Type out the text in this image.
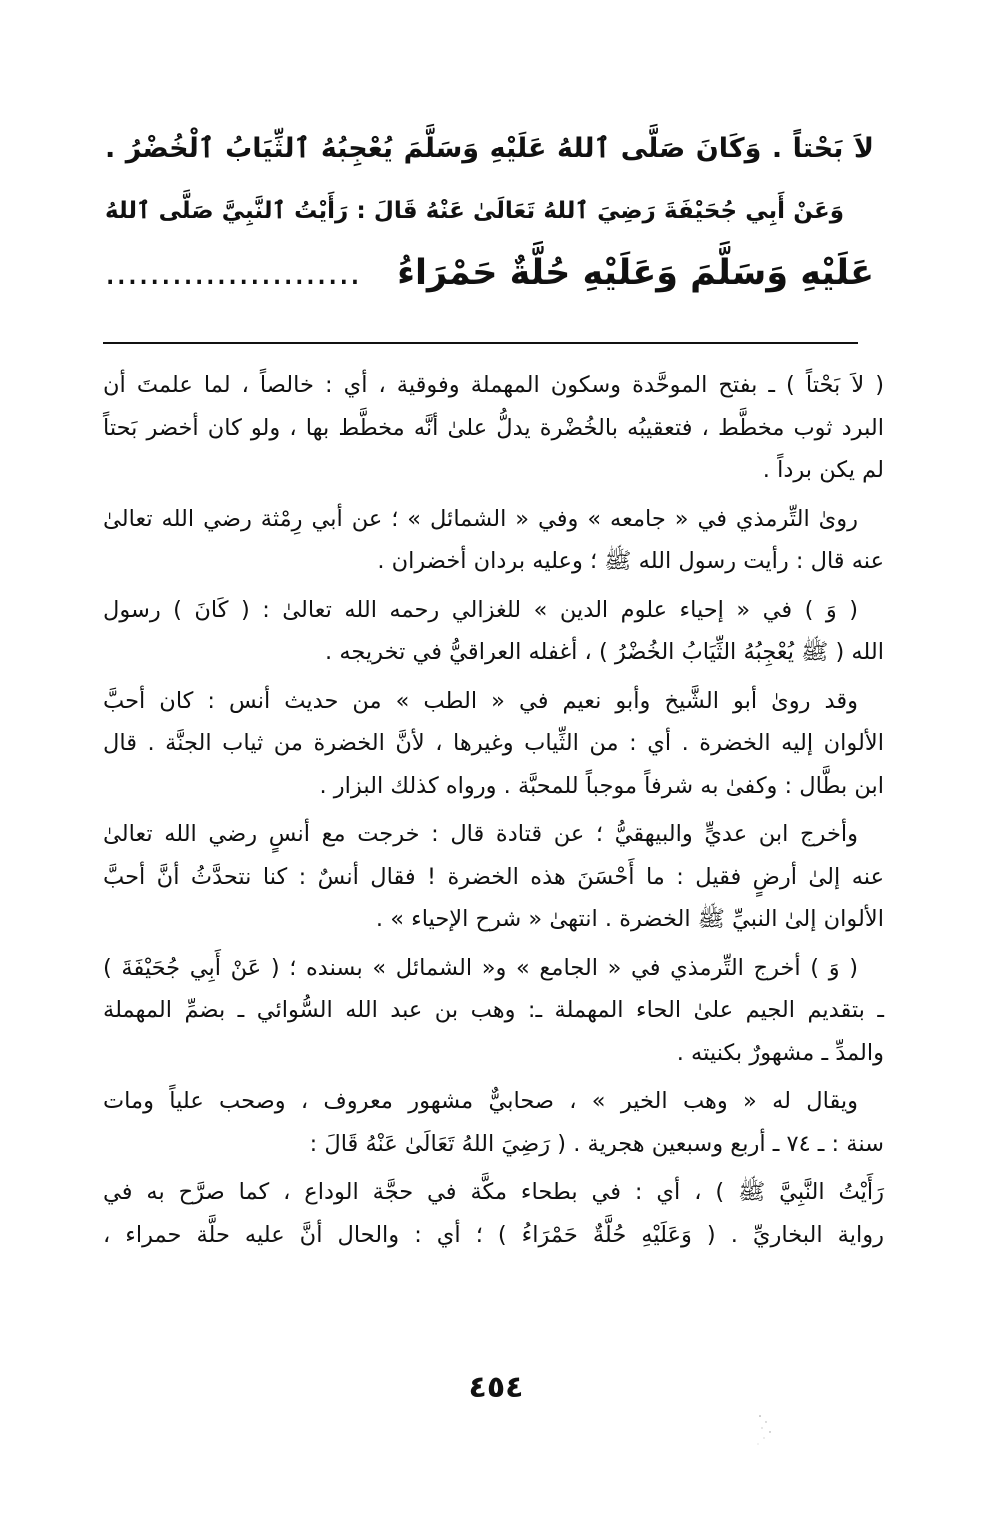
لاَ بَحْتاً . وَكَانَ صَلَّى ٱللهُ عَلَيْهِ وَسَلَّمَ يُعْجِبُهُ ٱلثِّيَابُ ٱلْخُضْرُ .

وَعَنْ أَبِي جُحَيْفَةَ رَضِيَ ٱللهُ تَعَالَىٰ عَنْهُ قَالَ : رَأَيْتُ ٱلنَّبِيَّ صَلَّى ٱللهُ

عَلَيْهِ وَسَلَّمَ وَعَلَيْهِ حُلَّةٌ حَمْرَاءُ   .......................

( لاَ بَحْتاً ) ـ بفتح الموحَّدة وسكون المهملة وفوقية ، أي : خالصاً ، لما علمتَ أن
البرد ثوب مخطَّط ، فتعقيبُه بالخُضْرة يدلُّ علىٰ أنَّه مخطَّط بها ، ولو كان أخضر بَحتاً
لم يكن برداً .

رویٰ التِّرمذي في « جامعه » وفي « الشمائل » ؛ عن أبي رِمْثة رضي الله تعالىٰ
عنه قال : رأيت رسول الله ﷺ ؛ وعليه بردان أخضران .

( وَ ) في « إحياء علوم الدين » للغزالي رحمه الله تعالىٰ : ( كَانَ ) رسول
الله ( ﷺ يُعْجِبُهُ الثِّيَابُ الخُضْرُ ) ، أغفله العراقيُّ في تخريجه .

وقد رویٰ أبو الشَّيخ وأبو نعيم في « الطب » من حديث أنس : كان أحبَّ
الألوان إليه الخضرة . أي : من الثِّياب وغيرها ، لأنَّ الخضرة من ثياب الجنَّة . قال
ابن بطَّال : وكفىٰ به شرفاً موجباً للمحبَّة . ورواه كذلك البزار .

وأخرج ابن عديٍّ والبيهقيُّ ؛ عن قتادة قال : خرجت مع أنسٍ رضي الله تعالىٰ
عنه إلىٰ أرضٍ فقيل : ما أَحْسَنَ هذه الخضرة ! فقال أنسٌ : كنا نتحدَّثُ أنَّ أحبَّ
الألوان إلىٰ النبيِّ ﷺ الخضرة . انتهىٰ « شرح الإحياء » .

( وَ ) أخرج التِّرمذي في « الجامع » و« الشمائل » بسنده ؛ ( عَنْ أَبِي جُحَيْفَةَ )
ـ بتقديم الجيم علىٰ الحاء المهملة ـ: وهب بن عبد الله السُّوائي ـ بضمِّ المهملة
والمدِّ ـ مشهورٌ بكنيته .

ويقال له « وهب الخير » ، صحابيٌّ مشهور معروف ، وصحب علياً ومات
سنة : ـ ٧٤ ـ أربع وسبعين هجرية . ( رَضِيَ اللهُ تَعَالَىٰ عَنْهُ قَالَ :

رَأَيْتُ النَّبِيَّ ﷺ ) ، أي : في بطحاء مكَّة في حجَّة الوداع ، كما صرَّح به في
رواية البخاريِّ . ( وَعَلَيْهِ حُلَّةٌ حَمْرَاءُ ) ؛ أي : والحال أنَّ عليه حلَّة حمراء ،

٤٥٤
